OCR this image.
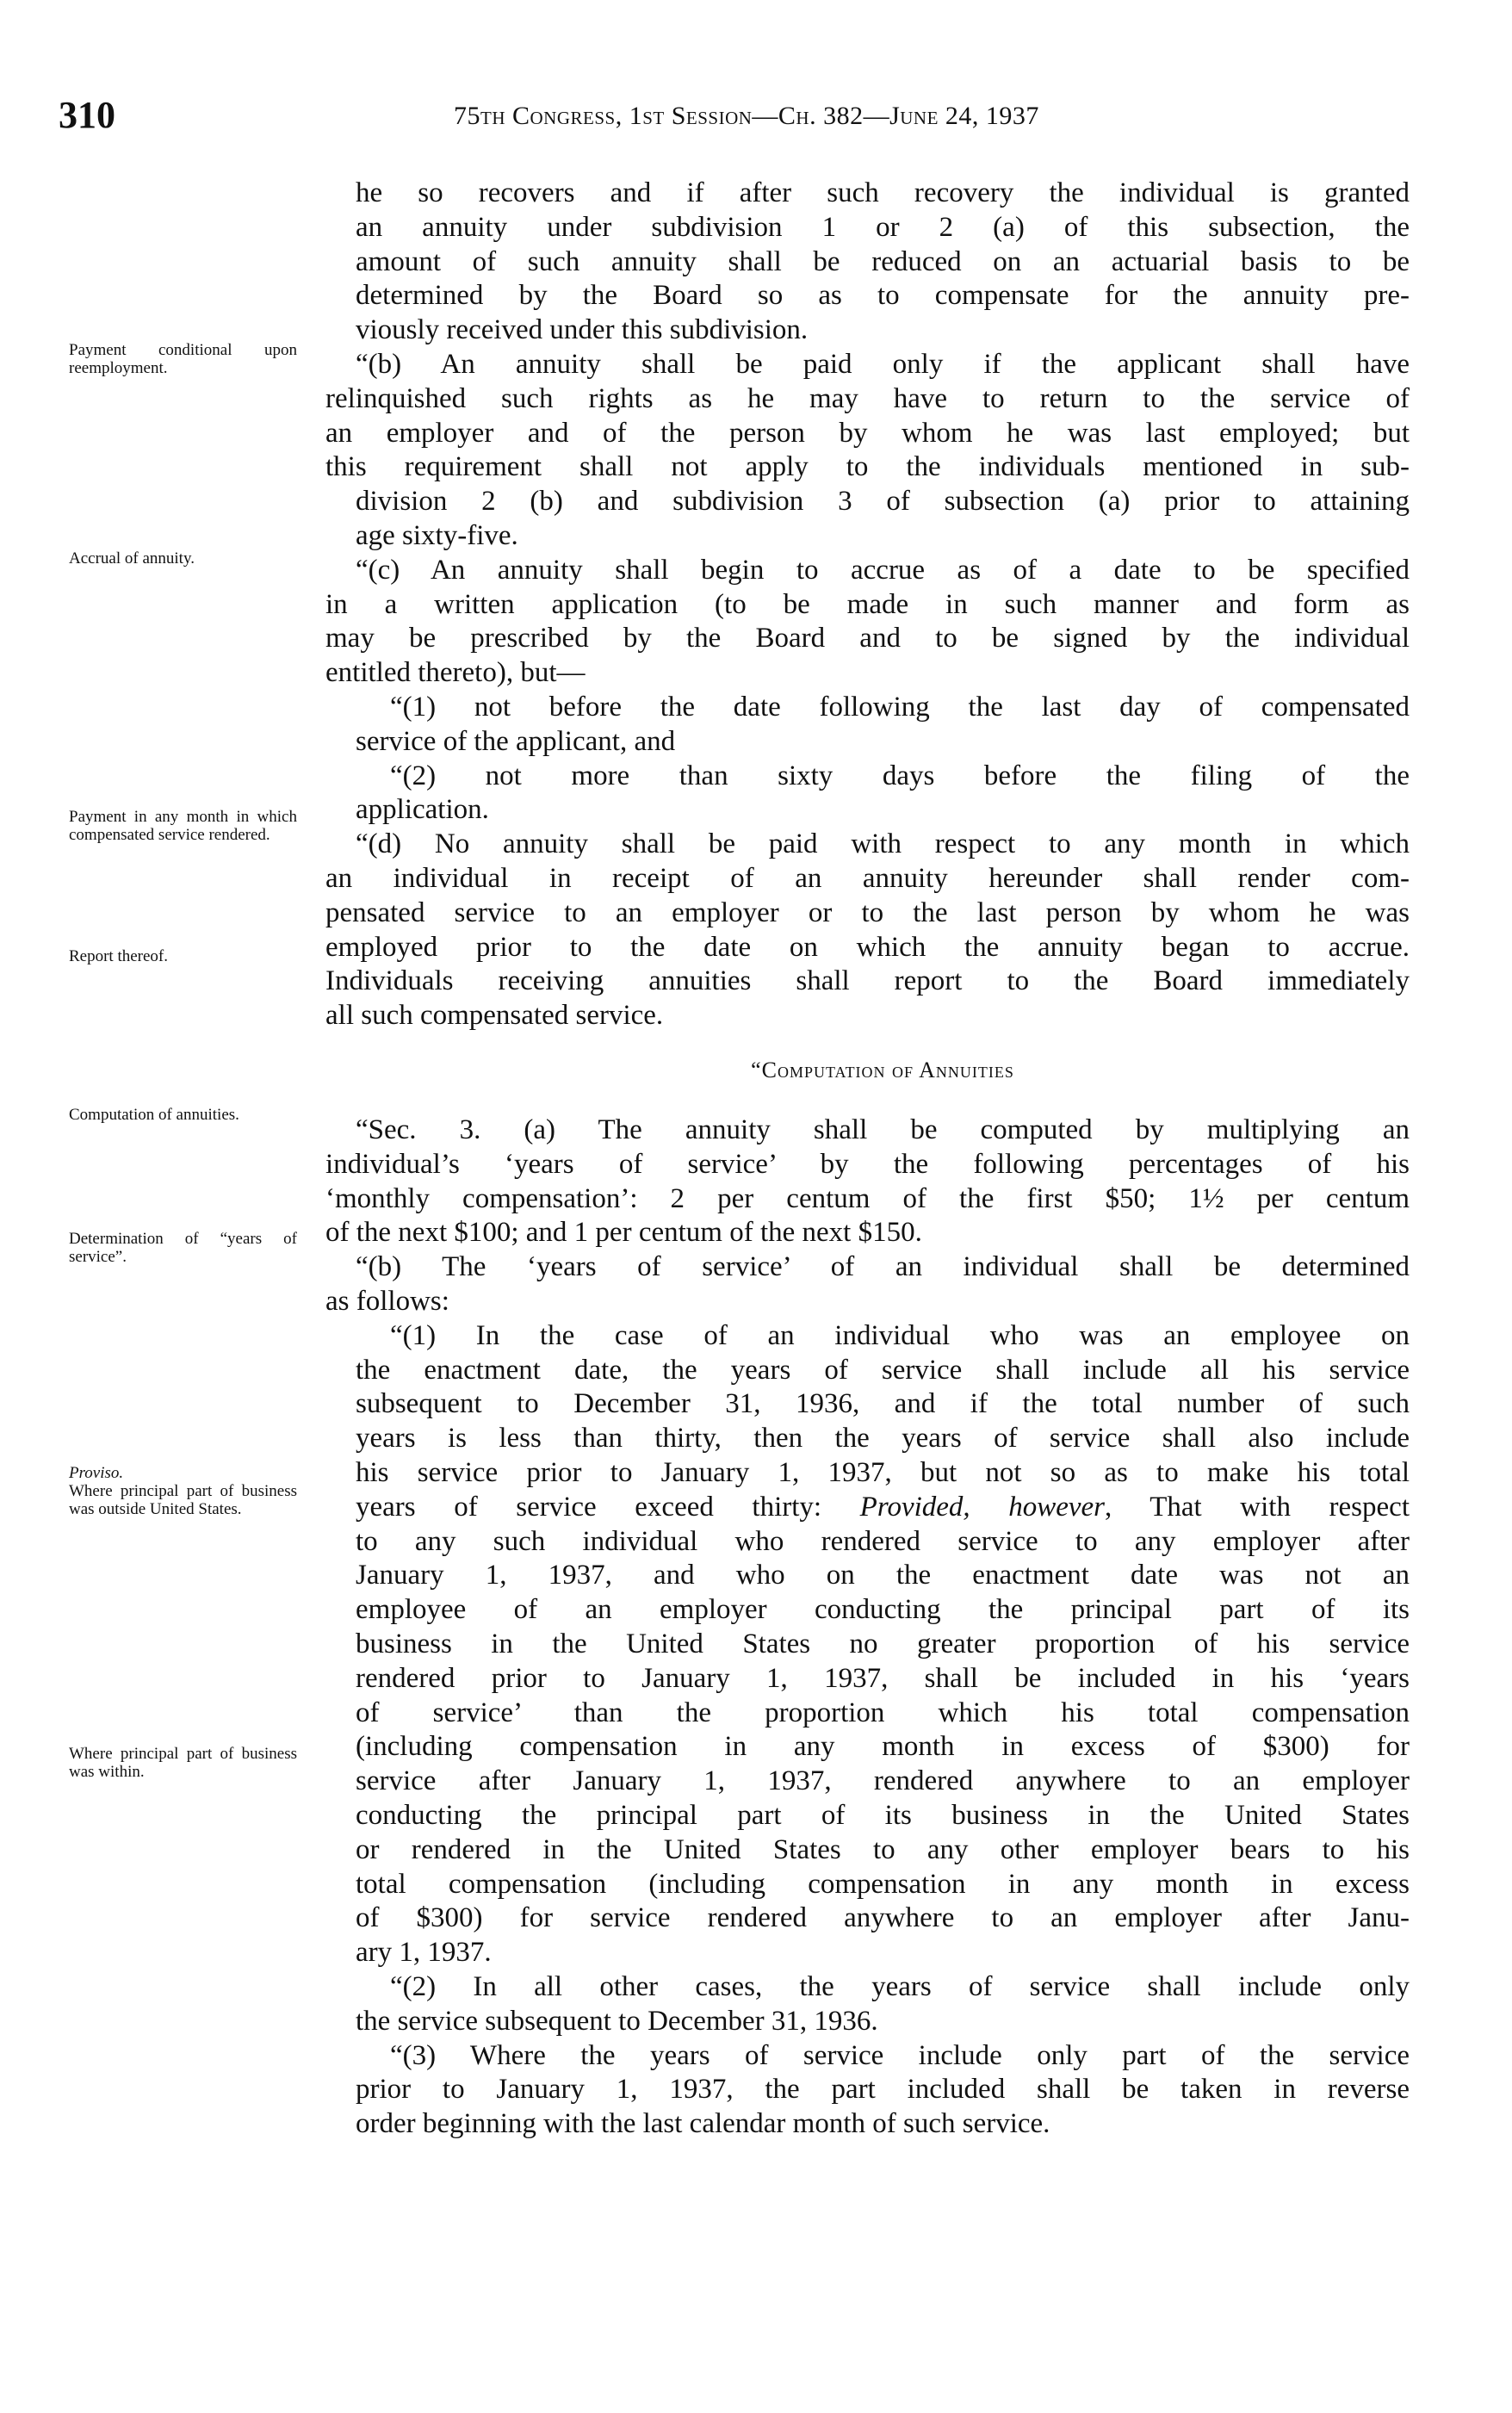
310	75th Congress, 1st Session—Ch. 382—June 24, 1937
“Computation of Annuities
he so recovers and if after such recovery the individual is granted
an annuity under subdivision 1 or 2 (a) of this subsection, the
amount of such annuity shall be reduced on an actuarial basis to be
determined by the Board so as to compensate for the annuity pre-
viously received under this subdivision.
“(b) An annuity shall be paid only if the applicant shall have
relinquished such rights as he may have to return to the service of
an employer and of the person by whom he was last employed; but
this requirement shall not apply to the individuals mentioned in sub-
division 2 (b) and subdivision 3 of subsection (a) prior to attaining
age sixty-five.
“(c) An annuity shall begin to accrue as of a date to be specified
in a written application (to be made in such manner and form as
may be prescribed by the Board and to be signed by the individual
entitled thereto), but—
“(1) not before the date following the last day of compensated
service of the applicant, and
“(2) not more than sixty days before the filing of the
application.
“(d) No annuity shall be paid with respect to any month in which
an individual in receipt of an annuity hereunder shall render com-
pensated service to an employer or to the last person by whom he was
employed prior to the date on which the annuity began to accrue.
Individuals receiving annuities shall report to the Board immediately
all such compensated service.
“Sec. 3. (a) The annuity shall be computed by multiplying an
individual’s ‘years of service’ by the following percentages of his
‘monthly compensation’: 2 per centum of the first $50; 1½ per centum
of the next $100; and 1 per centum of the next $150.
“(b) The ‘years of service’ of an individual shall be determined
as follows:
“(1) In the case of an individual who was an employee on
the enactment date, the years of service shall include all his service
subsequent to December 31, 1936, and if the total number of such
years is less than thirty, then the years of service shall also include
his service prior to January 1, 1937, but not so as to make his total
years of service exceed thirty: Provided, however, That with respect
to any such individual who rendered service to any employer after
January 1, 1937, and who on the enactment date was not an
employee of an employer conducting the principal part of its
business in the United States no greater proportion of his service
rendered prior to January 1, 1937, shall be included in his ‘years
of service’ than the proportion which his total compensation
(including compensation in any month in excess of $300) for
service after January 1, 1937, rendered anywhere to an employer
conducting the principal part of its business in the United States
or rendered in the United States to any other employer bears to his
total compensation (including compensation in any month in excess
of $300) for service rendered anywhere to an employer after Janu-
ary 1, 1937.
“(2) In all other cases, the years of service shall include only
the service subsequent to December 31, 1936.
“(3) Where the years of service include only part of the service
prior to January 1, 1937, the part included shall be taken in reverse
order beginning with the last calendar month of such service.
Payment conditional upon reemployment.
Accrual of annuity.
Payment in any month in which compensated service rendered.
Report thereof.
Computation of annuities.
Determination of “years of service”.
Proviso.
Where principal part of business was outside United States.
Where principal part of business was within.
